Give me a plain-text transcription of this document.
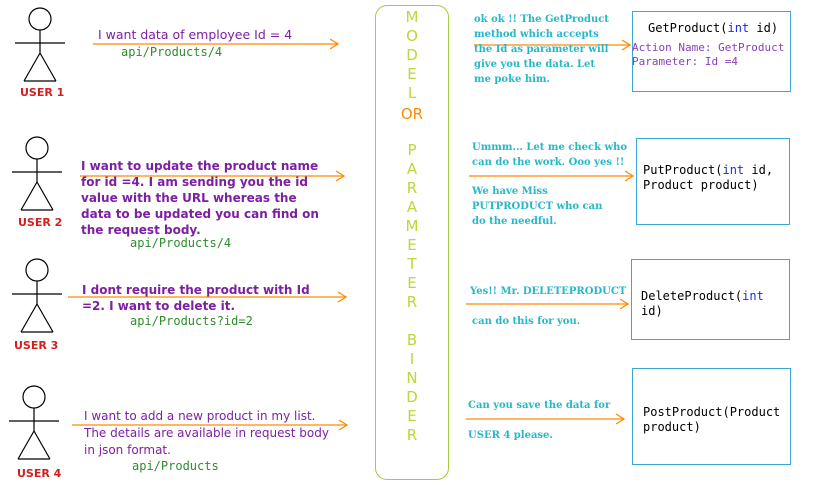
USER 1
USER 2
USER 3
USER 4
I want data of employee Id = 4
api/Products/4
I want to update the product name for id =4. I am sending you the id value with the URL whereas the data to be updated you can find on the request body.
api/Products/4
I dont require the product with Id =2. I want to delete it.
api/Products?id=2
I want to add a new product in my list. The details are available in request body in json format.
api/Products
M
O
D
E
L
OR
P
A
R
A
M
E
T
E
R

B
I
N
D
E
R
ok ok !! The GetProduct method which accepts the Id as parameter will give you the data. Let me poke him.
Ummm... Let me check who can do the work. Ooo yes !!
We have Miss PUTPRODUCT who can do the needful.
Yes!! Mr. DELETEPRODUCT
can do this for you.
Can you save the data for
USER 4 please.
GetProduct(int id)
Action Name: GetProduct
Parameter: Id =4
PutProduct(int id,
Product product)
DeleteProduct(int
id)
PostProduct(Product
product)
